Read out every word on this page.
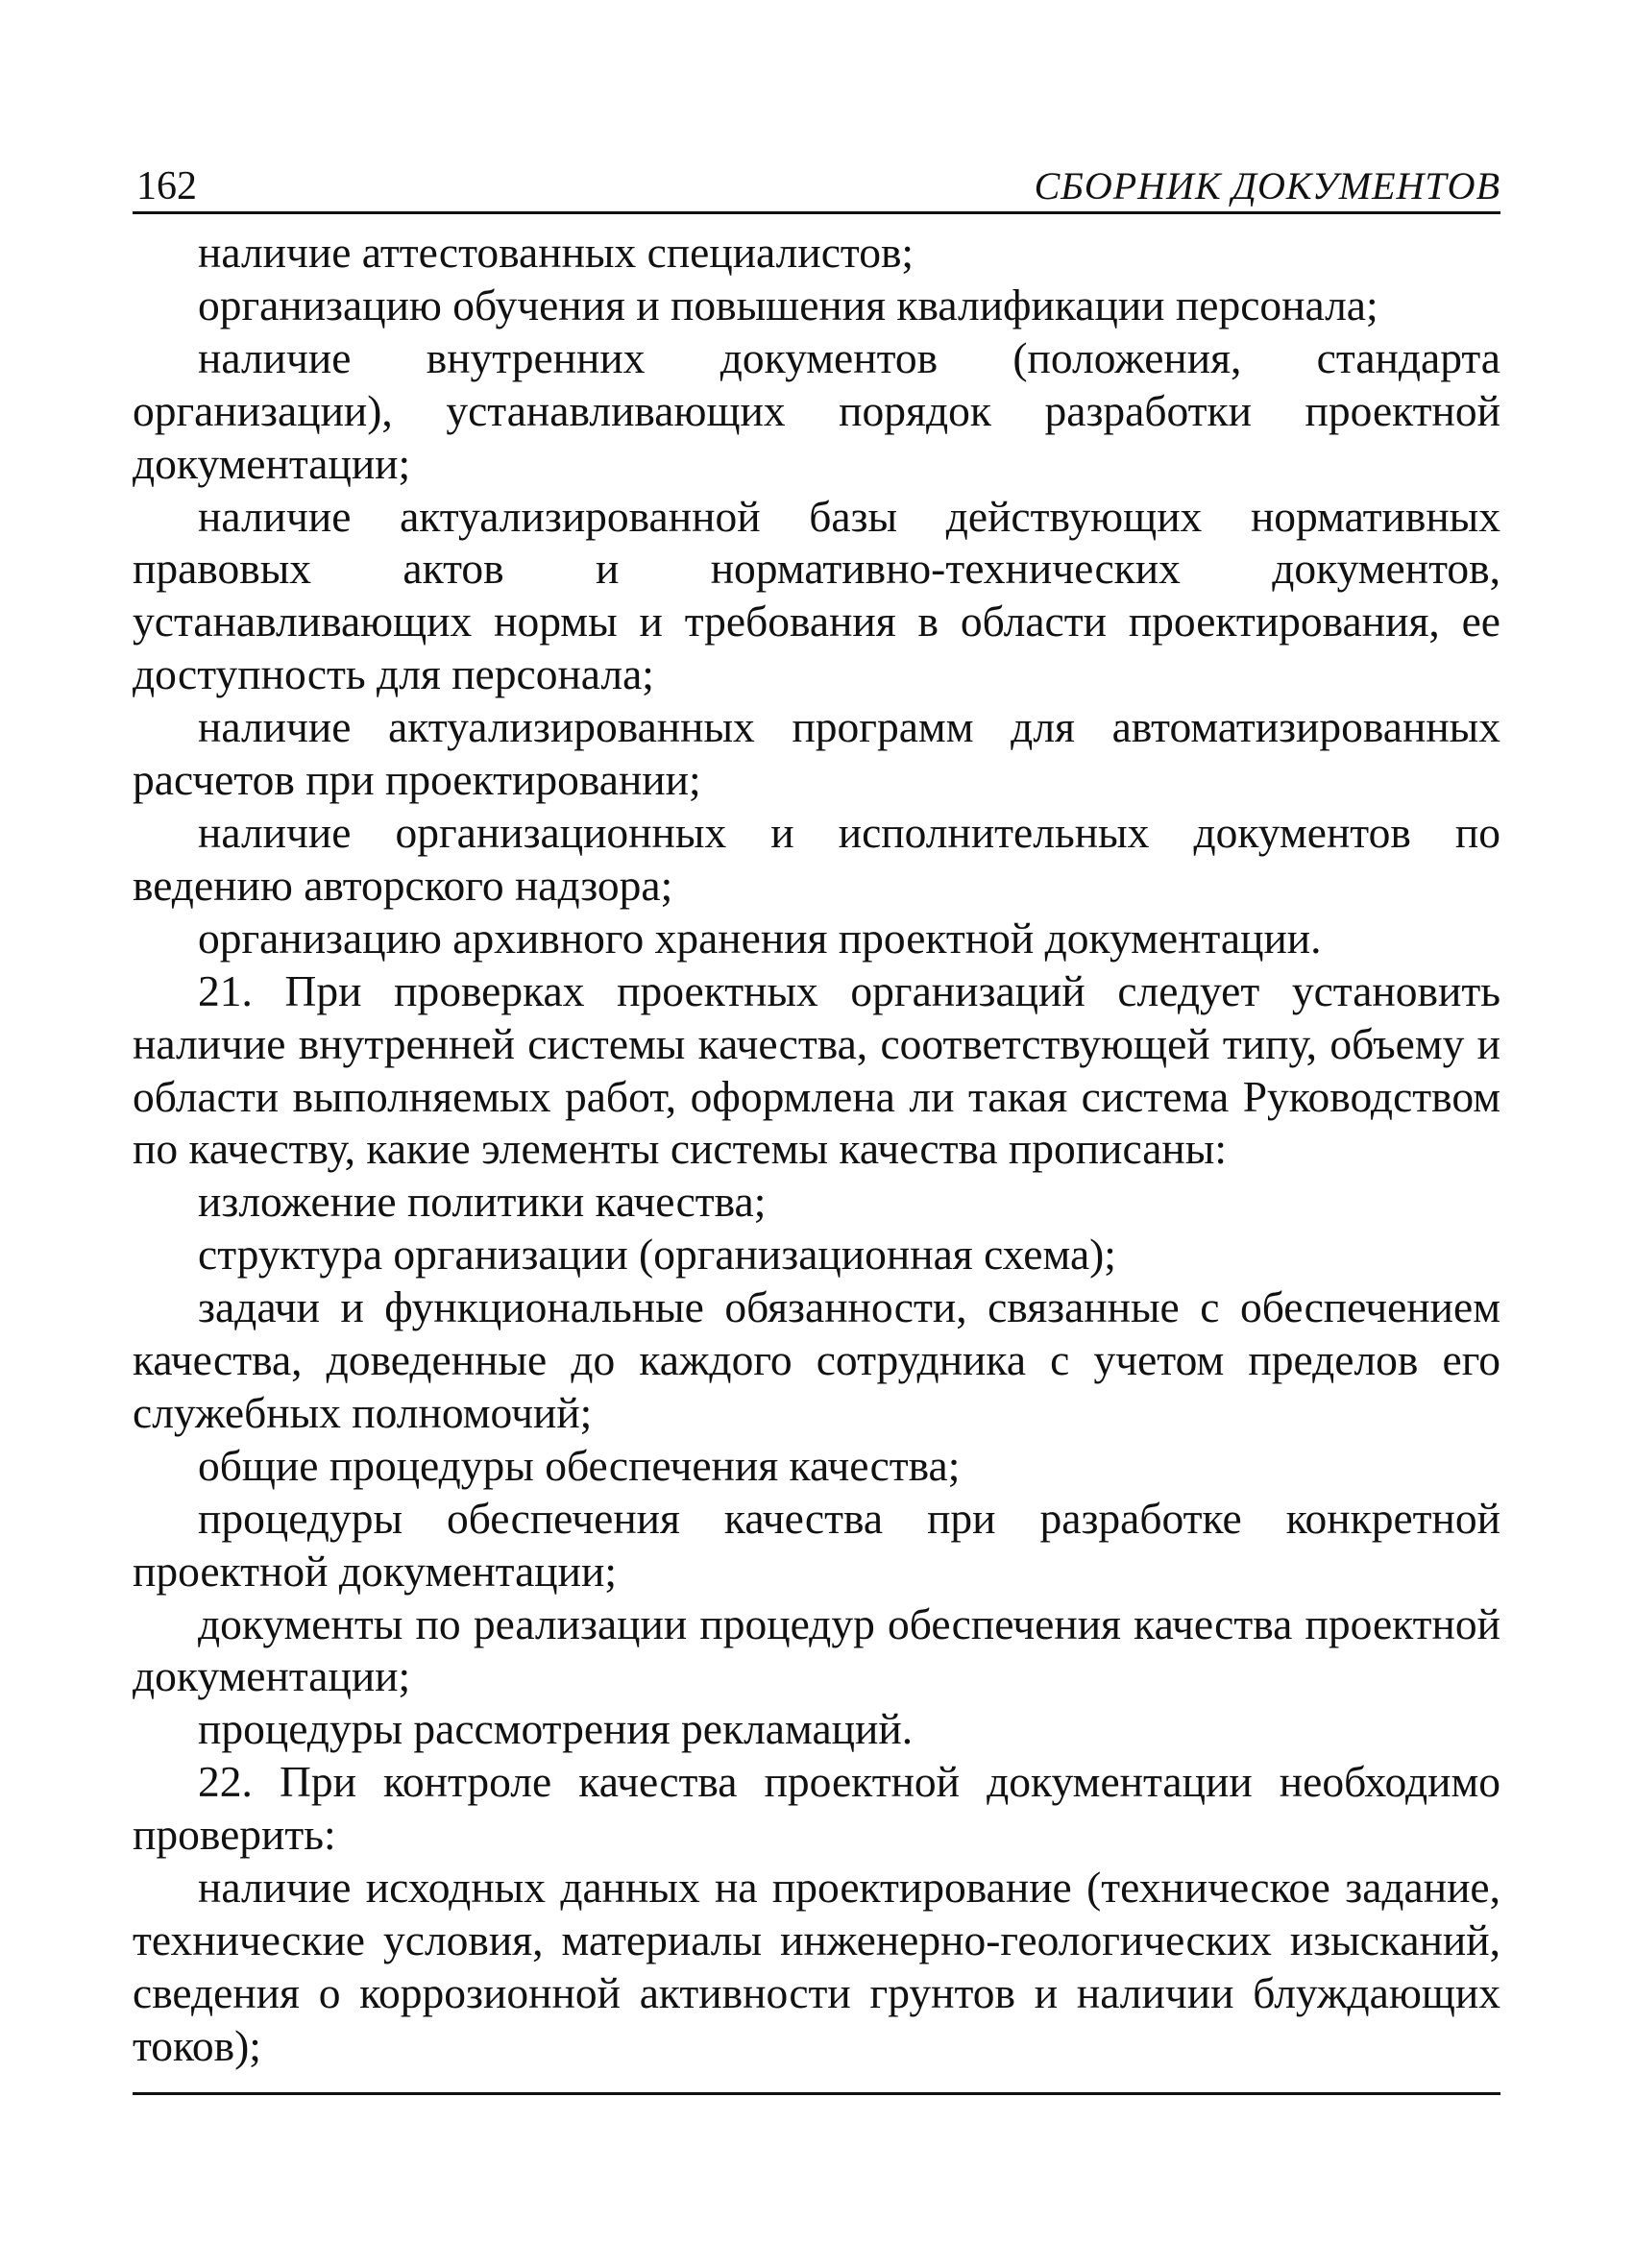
162	СБОРНИК ДОКУМЕНТОВ

наличие аттестованных специалистов;

организацию обучения и повышения квалификации персонала;

наличие внутренних документов (положения, стандарта организации), устанавливающих порядок разработки проектной документации;

наличие актуализированной базы действующих нормативных правовых актов и нормативно-технических документов, устанавливающих нормы и требования в области проектирования, ее доступность для персонала;

наличие актуализированных программ для автоматизированных расчетов при проектировании;

наличие организационных и исполнительных документов по ведению авторского надзора;

организацию архивного хранения проектной документации.

21. При проверках проектных организаций следует установить наличие внутренней системы качества, соответствующей типу, объему и области выполняемых работ, оформлена ли такая система Руководством по качеству, какие элементы системы качества прописаны:

изложение политики качества;

структура организации (организационная схема);

задачи и функциональные обязанности, связанные с обеспечением качества, доведенные до каждого сотрудника с учетом пределов его служебных полномочий;

общие процедуры обеспечения качества;

процедуры обеспечения качества при разработке конкретной проектной документации;

документы по реализации процедур обеспечения качества проектной документации;

процедуры рассмотрения рекламаций.

22. При контроле качества проектной документации необходимо проверить:

наличие исходных данных на проектирование (техническое задание, технические условия, материалы инженерно-геологических изысканий, сведения о коррозионной активности грунтов и наличии блуждающих токов);
